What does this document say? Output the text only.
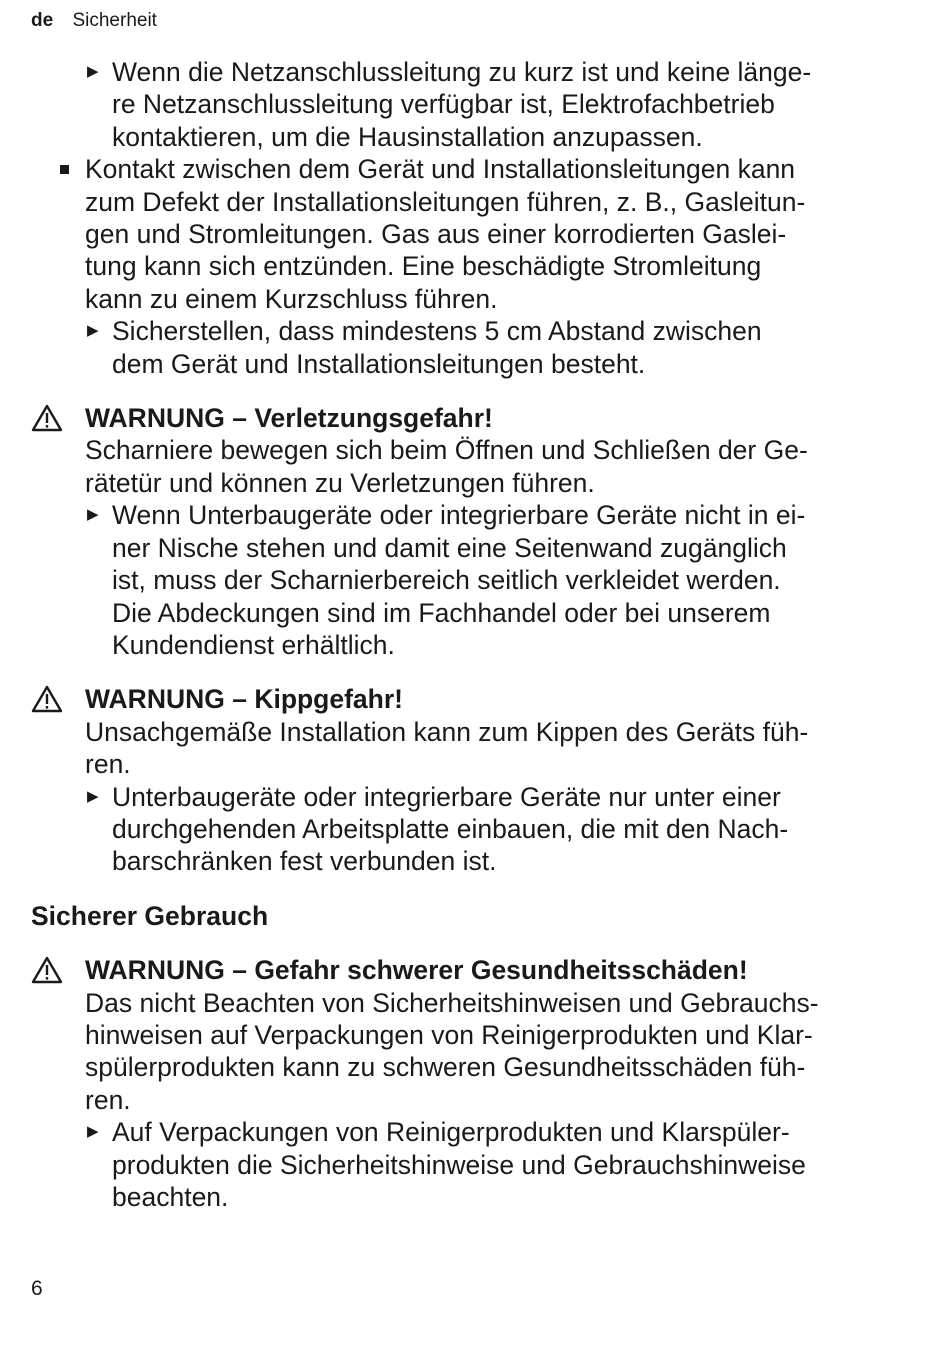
de Sicherheit
▶ Wenn die Netzanschlussleitung zu kurz ist und keine länge-
re Netzanschlussleitung verfügbar ist, Elektrofachbetrieb
kontaktieren, um die Hausinstallation anzupassen.
Kontakt zwischen dem Gerät und Installationsleitungen kann
zum Defekt der Installationsleitungen führen, z. B., Gasleitun-
gen und Stromleitungen. Gas aus einer korrodierten Gaslei-
tung kann sich entzünden. Eine beschädigte Stromleitung
kann zu einem Kurzschluss führen.
▶ Sicherstellen, dass mindestens 5 cm Abstand zwischen
dem Gerät und Installationsleitungen besteht.
WARNUNG – Verletzungsgefahr!
Scharniere bewegen sich beim Öffnen und Schließen der Ge-
rätetür und können zu Verletzungen führen.
▶ Wenn Unterbaugeräte oder integrierbare Geräte nicht in ei-
ner Nische stehen und damit eine Seitenwand zugänglich
ist, muss der Scharnierbereich seitlich verkleidet werden.
Die Abdeckungen sind im Fachhandel oder bei unserem
Kundendienst erhältlich.
WARNUNG – Kippgefahr!
Unsachgemäße Installation kann zum Kippen des Geräts füh-
ren.
▶ Unterbaugeräte oder integrierbare Geräte nur unter einer
durchgehenden Arbeitsplatte einbauen, die mit den Nach-
barschränken fest verbunden ist.
Sicherer Gebrauch
WARNUNG – Gefahr schwerer Gesundheitsschäden!
Das nicht Beachten von Sicherheitshinweisen und Gebrauchs-
hinweisen auf Verpackungen von Reinigerprodukten und Klar-
spülerprodukten kann zu schweren Gesundheitsschäden füh-
ren.
▶ Auf Verpackungen von Reinigerprodukten und Klarspüler-
produkten die Sicherheitshinweise und Gebrauchshinweise
beachten.
6
